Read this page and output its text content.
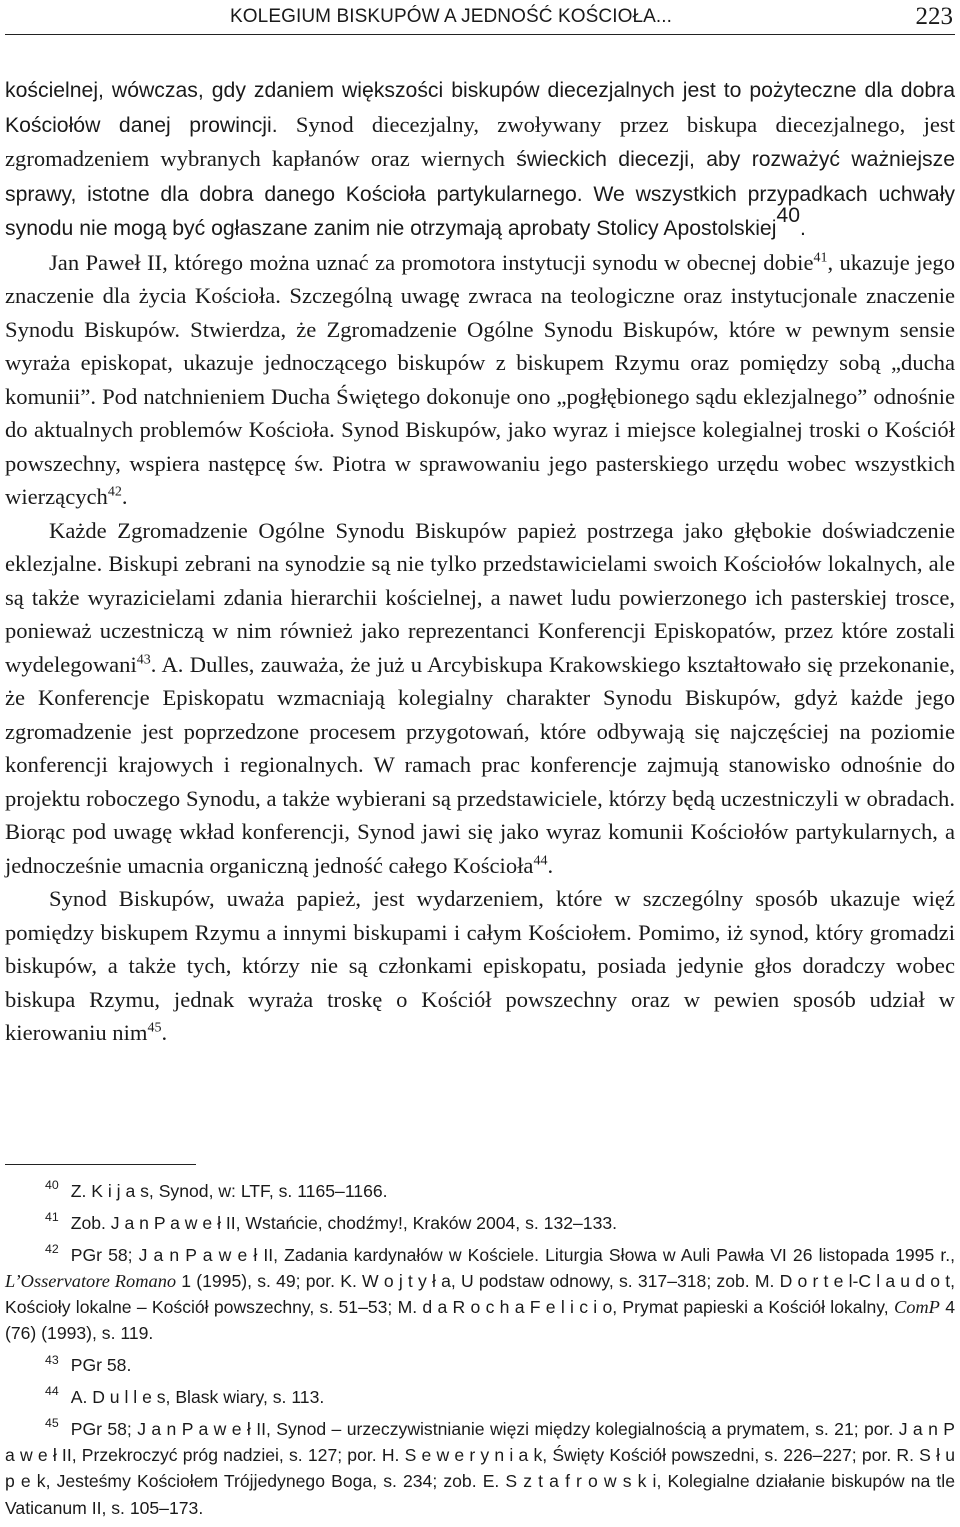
KOLEGIUM BISKUPÓW A JEDNOŚĆ KOŚCIOŁA...	223

kościelnej, wówczas, gdy zdaniem większości biskupów diecezjalnych jest to pożyteczne dla dobra Kościołów danej prowincji. Synod diecezjalny, zwoływany przez biskupa diecezjalnego, jest zgromadzeniem wybranych kapłanów oraz wiernych świeckich diecezji, aby rozważyć ważniejsze sprawy, istotne dla dobra danego Kościoła partykularnego. We wszystkich przypadkach uchwały synodu nie mogą być ogłaszane zanim nie otrzymają aprobaty Stolicy Apostolskiej$^{40}$.

Jan Paweł II, którego można uznać za promotora instytucji synodu w obecnej dobie$^{41}$, ukazuje jego znaczenie dla życia Kościoła. Szczególną uwagę zwraca na teologiczne oraz instytucjonale znaczenie Synodu Biskupów. Stwierdza, że Zgromadzenie Ogólne Synodu Biskupów, które w pewnym sensie wyraża episkopat, ukazuje jednoczącego biskupów z biskupem Rzymu oraz pomiędzy sobą „ducha komunii”. Pod natchnieniem Ducha Świętego dokonuje ono „pogłębionego sądu eklezjalnego” odnośnie do aktualnych problemów Kościoła. Synod Biskupów, jako wyraz i miejsce kolegialnej troski o Kościół powszechny, wspiera następcę św. Piotra w sprawowaniu jego pasterskiego urzędu wobec wszystkich wierzących$^{42}$.

Każde Zgromadzenie Ogólne Synodu Biskupów papież postrzega jako głębokie doświadczenie eklezjalne. Biskupi zebrani na synodzie są nie tylko przedstawicielami swoich Kościołów lokalnych, ale są także wyrazicielami zdania hierarchii kościelnej, a nawet ludu powierzonego ich pasterskiej trosce, ponieważ uczestniczą w nim również jako reprezentanci Konferencji Episkopatów, przez które zostali wydelegowani$^{43}$. A. Dulles, zauważa, że już u Arcybiskupa Krakowskiego kształtowało się przekonanie, że Konferencje Episkopatu wzmacniają kolegialny charakter Synodu Biskupów, gdyż każde jego zgromadzenie jest poprzedzone procesem przygotowań, które odbywają się najczęściej na poziomie konferencji krajowych i regionalnych. W ramach prac konferencje zajmują stanowisko odnośnie do projektu roboczego Synodu, a także wybierani są przedstawiciele, którzy będą uczestniczyli w obradach. Biorąc pod uwagę wkład konferencji, Synod jawi się jako wyraz komunii Kościołów partykularnych, a jednocześnie umacnia organiczną jedność całego Kościoła$^{44}$.

Synod Biskupów, uważa papież, jest wydarzeniem, które w szczególny sposób ukazuje więź pomiędzy biskupem Rzymu a innymi biskupami i całym Kościołem. Pomimo, iż synod, który gromadzi biskupów, a także tych, którzy nie są członkami episkopatu, posiada jedynie głos doradczy wobec biskupa Rzymu, jednak wyraża troskę o Kościół powszechny oraz w pewien sposób udział w kierowaniu nim$^{45}$.

$^{40}$ Z. K i j a s, Synod, w: LTF, s. 1165–1166.

$^{41}$ Zob. J a n P a w e ł II, Wstańcie, chodźmy!, Kraków 2004, s. 132–133.

$^{42}$ PGr 58; J a n P a w e ł II, Zadania kardynałów w Kościele. Liturgia Słowa w Auli Pawła VI 26 listopada 1995 r., L’Osservatore Romano 1 (1995), s. 49; por. K. W o j t y ł a, U podstaw odnowy, s. 317–318; zob. M. D o r t e l-C l a u d o t, Kościoły lokalne – Kościół powszechny, s. 51–53; M. d a R o c h a F e l i c i o, Prymat papieski a Kościół lokalny, ComP 4 (76) (1993), s. 119.

$^{43}$ PGr 58.

$^{44}$ A. D u l l e s, Blask wiary, s. 113.

$^{45}$ PGr 58; J a n P a w e ł II, Synod – urzeczywistnianie więzi między kolegialnością a prymatem, s. 21; por. J a n P a w e ł II, Przekroczyć próg nadziei, s. 127; por. H. S e w e r y n i a k, Święty Kościół powszedni, s. 226–227; por. R. S ł u p e k, Jesteśmy Kościołem Trójjedynego Boga, s. 234; zob. E. S z t a f r o w s k i, Kolegialne działanie biskupów na tle Vaticanum II, s. 105–173.
